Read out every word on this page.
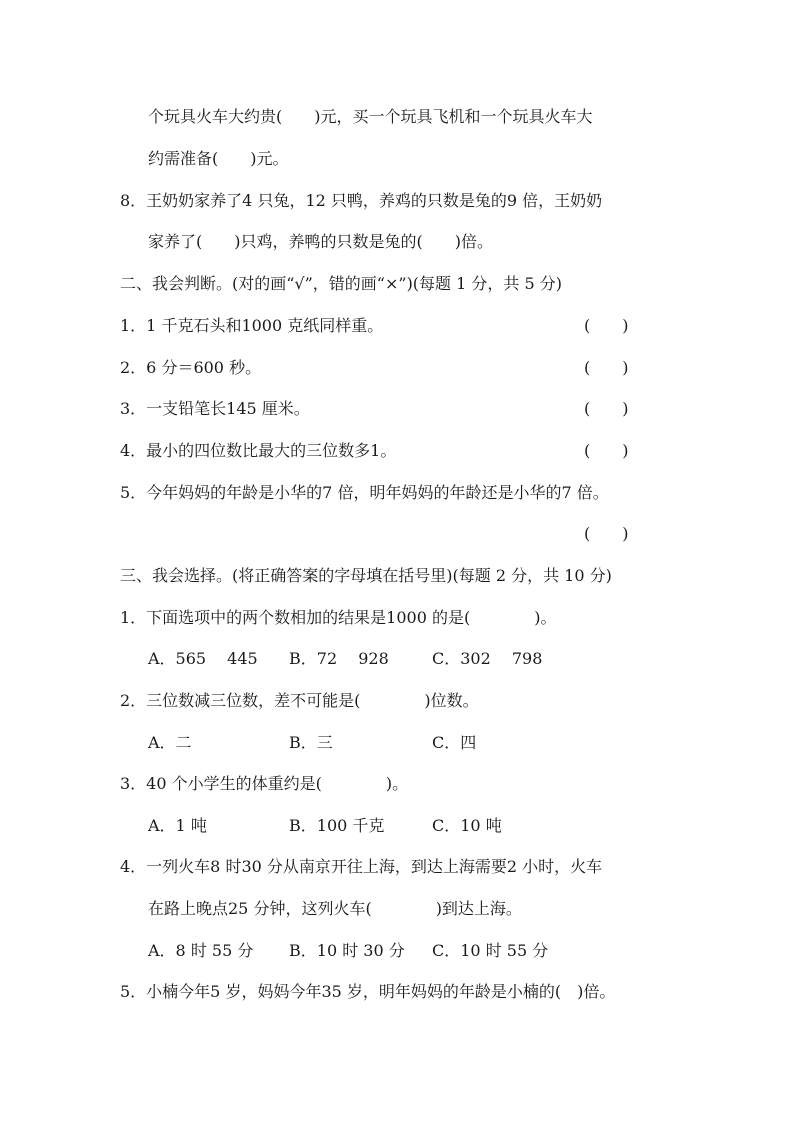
个玩具火车大约贵(　　)元，买一个玩具飞机和一个玩具火车大
约需准备(　　)元。
8．王奶奶家养了4 只兔，12 只鸭，养鸡的只数是兔的9 倍，王奶奶
家养了(　　)只鸡，养鸭的只数是兔的(　　)倍。
二、我会判断。(对的画“√”，错的画“×”)(每题 1 分，共 5 分)
1．1 千克石头和1000 克纸同样重。	(　　)
2．6 分＝600 秒。	(　　)
3．一支铅笔长145 厘米。	(　　)
4．最小的四位数比最大的三位数多1。	(　　)
5．今年妈妈的年龄是小华的7 倍，明年妈妈的年龄还是小华的7 倍。
(　　)
三、我会选择。(将正确答案的字母填在括号里)(每题 2 分，共 10 分)
1．下面选项中的两个数相加的结果是1000 的是(　　　　)。
A．565　 445 B．72　 928	C．302　 798
2．三位数减三位数，差不可能是(　　　　)位数。
A．二	B．三	C．四
3．40 个小学生的体重约是(　　　　)。
A．1 吨	B．100 千克	C．10 吨
4．一列火车8 时30 分从南京开往上海，到达上海需要2 小时，火车
在路上晚点25 分钟，这列火车(　　　　)到达上海。
A．8 时 55 分 B．10 时 30 分 C．10 时 55 分
5．小楠今年5 岁，妈妈今年35 岁，明年妈妈的年龄是小楠的(　)倍。
